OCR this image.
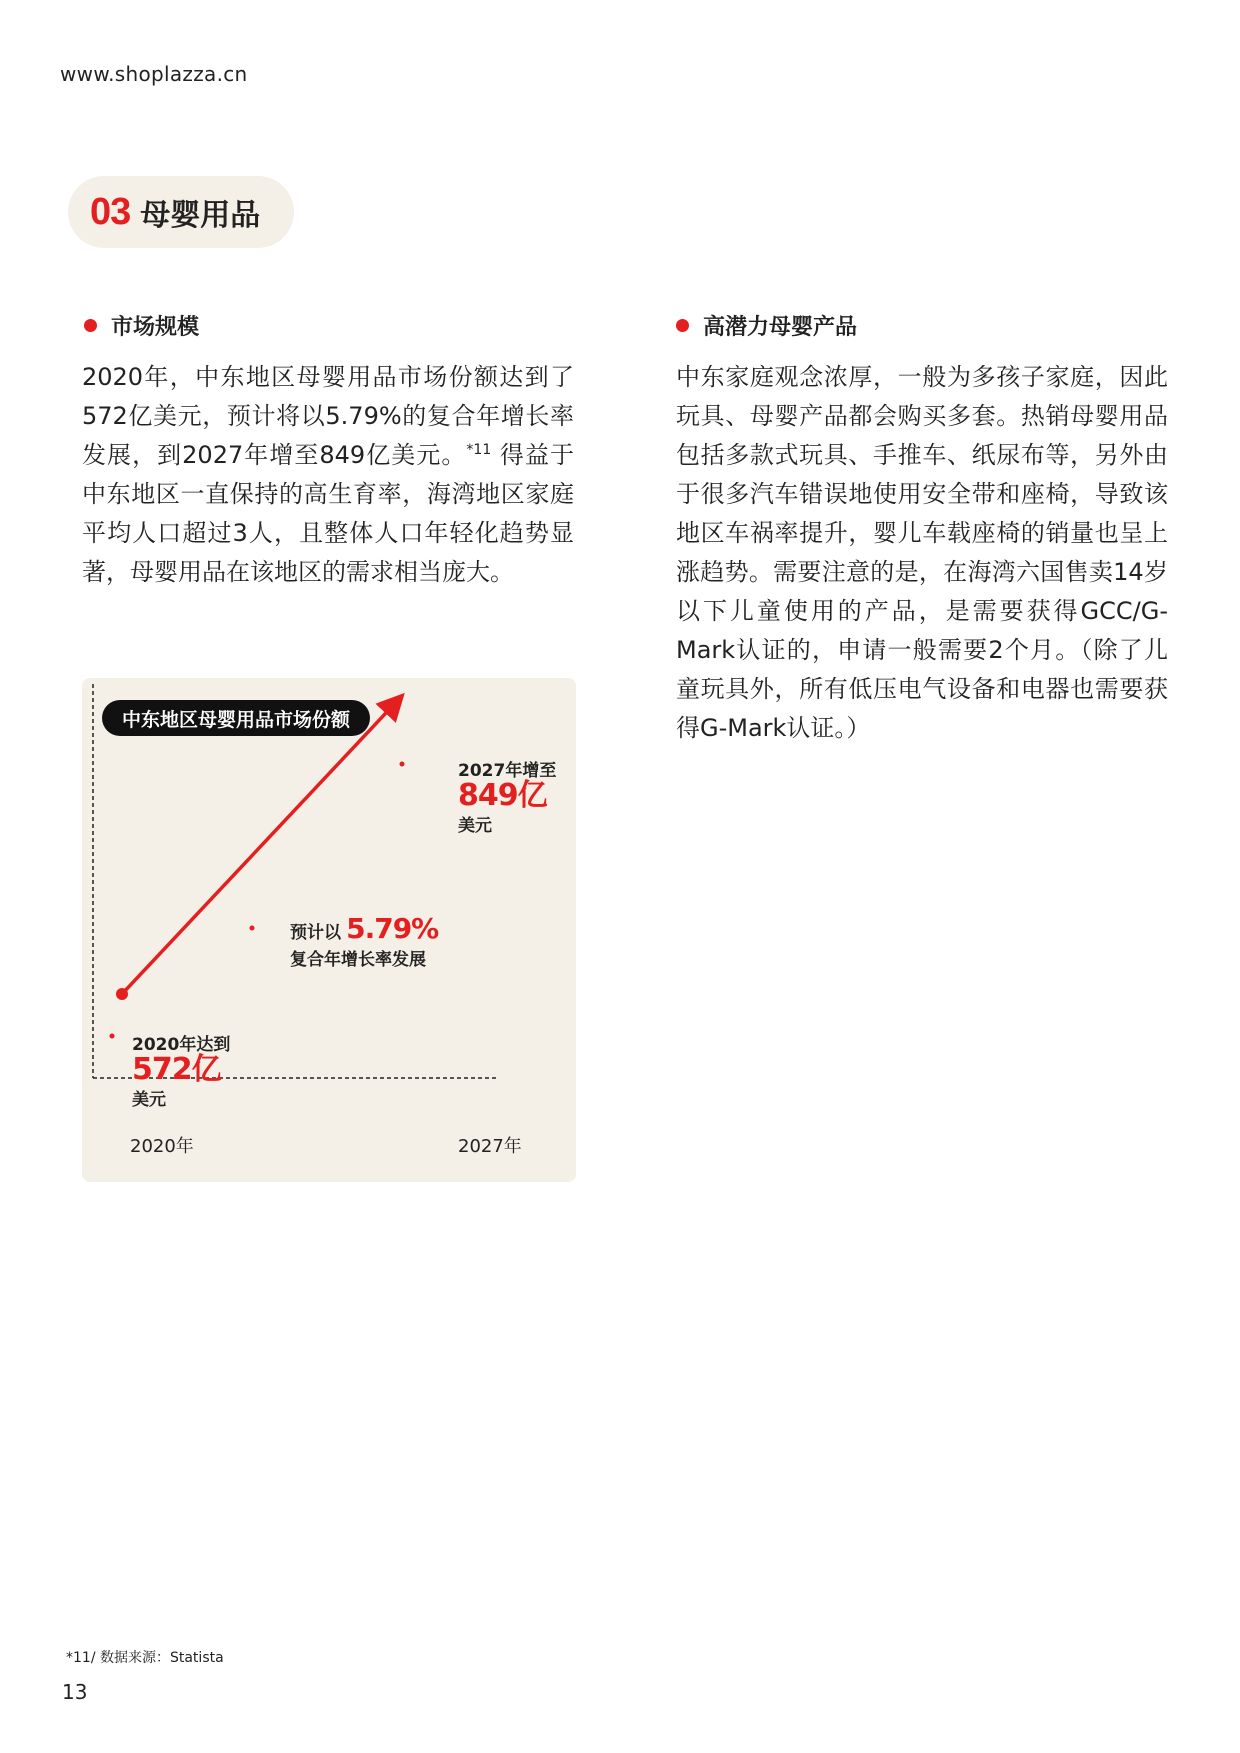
www.shoplazza.cn
03 母婴用品
市场规模
2020年，中东地区母婴用品市场份额达到了572亿美元，预计将以5.79%的复合年增长率发展，到2027年增至849亿美元。$^{*11}$ 得益于中东地区一直保持的高生育率，海湾地区家庭平均人口超过3人，且整体人口年轻化趋势显著，母婴用品在该地区的需求相当庞大。
高潜力母婴产品
中东家庭观念浓厚，一般为多孩子家庭，因此玩具、母婴产品都会购买多套。热销母婴用品包括多款式玩具、手推车、纸尿布等，另外由于很多汽车错误地使用安全带和座椅，导致该地区车祸率提升，婴儿车载座椅的销量也呈上涨趋势。需要注意的是，在海湾六国售卖14岁以下儿童使用的产品，是需要获得GCC/G-Mark认证的，申请一般需要2个月。（除了儿童玩具外，所有低压电气设备和电器也需要获得G-Mark认证。）
中东地区母婴用品市场份额
2020年达到
572亿
美元
2027年增至
849亿
美元
预计以 5.79%
复合年增长率发展
2020年	2027年
*11/ 数据来源：Statista
13
